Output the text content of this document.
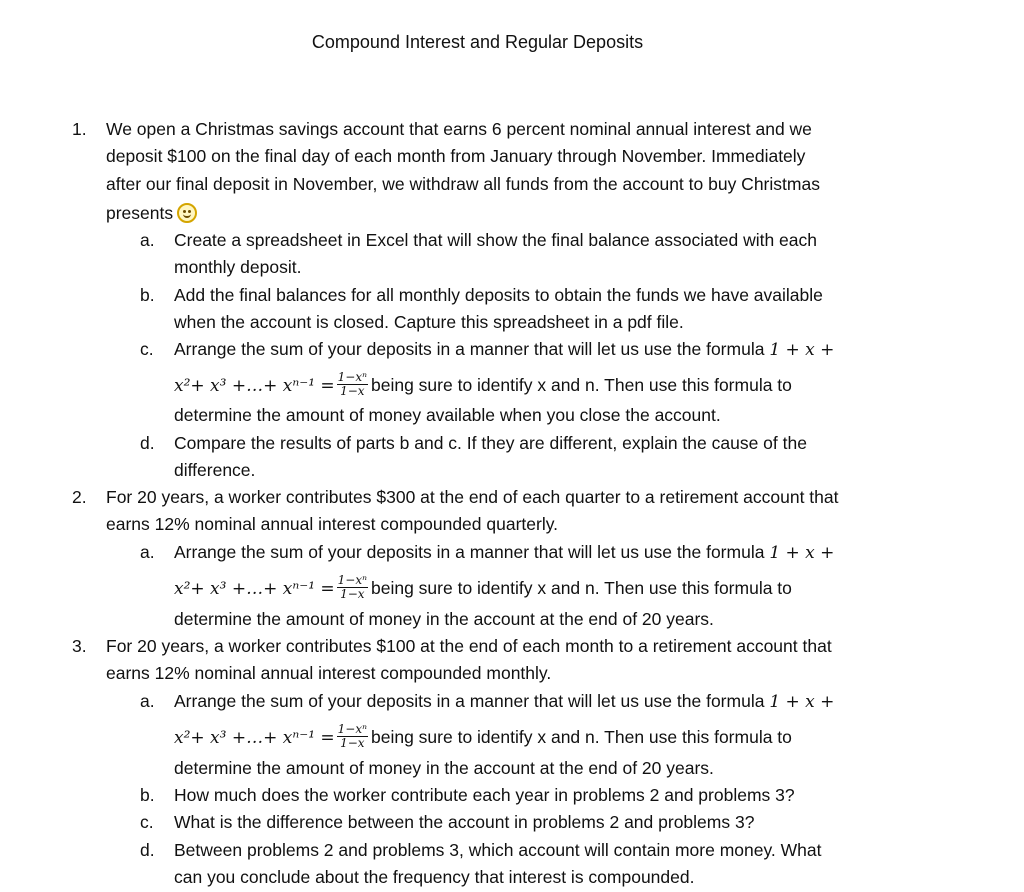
Compound Interest and Regular Deposits
1. We open a Christmas savings account that earns 6 percent nominal annual interest and we
deposit $100 on the final day of each month from January through November. Immediately
after our final deposit in November, we withdraw all funds from the account to buy Christmas
presents
a. Create a spreadsheet in Excel that will show the final balance associated with each
monthly deposit.
b. Add the final balances for all monthly deposits to obtain the funds we have available
when the account is closed. Capture this spreadsheet in a pdf file.
c. Arrange the sum of your deposits in a manner that will let us use the formula 1 + x +
x²+ x³ +…+ $x^{n-1} = \frac{\text{1−xⁿ}}{1-x}$ being sure to identify x and n. Then use this formula to
determine the amount of money available when you close the account.
d. Compare the results of parts b and c. If they are different, explain the cause of the
difference.
2. For 20 years, a worker contributes $300 at the end of each quarter to a retirement account that
earns 12% nominal annual interest compounded quarterly.
a. Arrange the sum of your deposits in a manner that will let us use the formula 1 + x +
x²+ x³ +…+ $x^{n-1} = \frac{\text{1−xⁿ}}{1-x}$ being sure to identify x and n. Then use this formula to
determine the amount of money in the account at the end of 20 years.
3. For 20 years, a worker contributes $100 at the end of each month to a retirement account that
earns 12% nominal annual interest compounded monthly.
a. Arrange the sum of your deposits in a manner that will let us use the formula 1 + x +
x²+ x³ +…+ $x^{n-1} = \frac{\text{1−xⁿ}}{1-x}$ being sure to identify x and n. Then use this formula to
determine the amount of money in the account at the end of 20 years.
b. How much does the worker contribute each year in problems 2 and problems 3?
c. What is the difference between the account in problems 2 and problems 3?
d. Between problems 2 and problems 3, which account will contain more money. What
can you conclude about the frequency that interest is compounded.
